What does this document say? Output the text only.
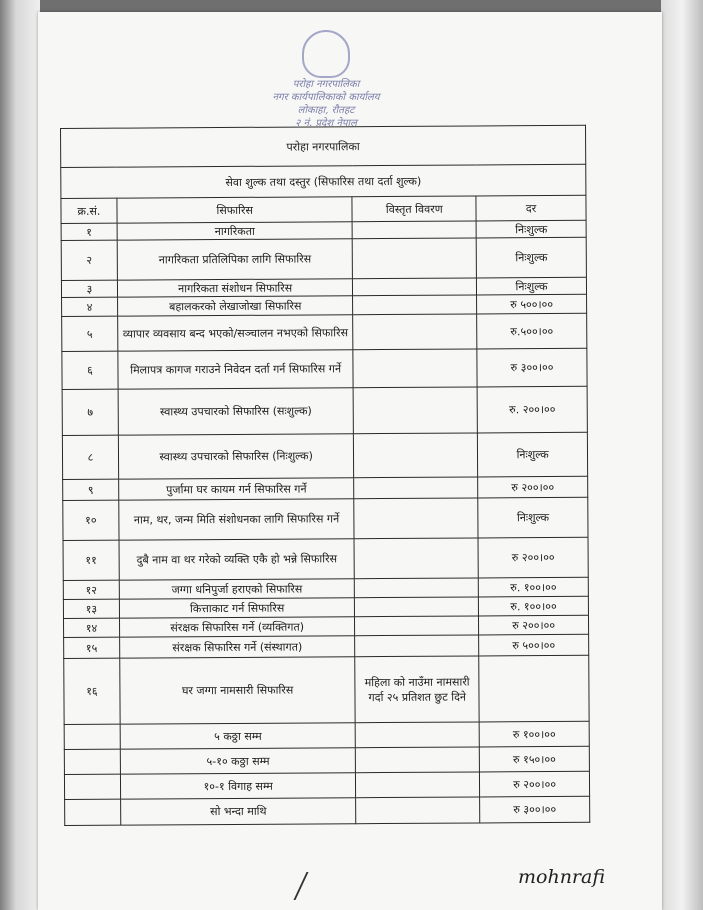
परोहा नगरपालिका
नगर कार्यपालिकाको कार्यालय
लोकाहा, रौतहट
२ नं. प्रदेश नेपाल
परोहा नगरपालिका			
सेवा शुल्क तथा दस्तुर (सिफारिस तथा दर्ता शुल्क)			
क्र.सं.	सिफारिस	विस्तृत विवरण	दर
१	नागरिकता		निःशुल्क
२	नागरिकता प्रतिलिपिका लागि सिफारिस		निःशुल्क
३	नागरिकता संशोधन सिफारिस		निःशुल्क
४	बहालकरको लेखाजोखा सिफारिस		रु ५००।००
५	व्यापार व्यवसाय बन्द भएको/सञ्चालन नभएको सिफारिस		रु.५००।००
६	मिलापत्र कागज गराउने निवेदन दर्ता गर्न सिफारिस गर्ने		रु ३००।००
७	स्वास्थ्य उपचारको सिफारिस (सःशुल्क)		रु. २००।००
८	स्वास्थ्य उपचारको सिफारिस (निःशुल्क)		निःशुल्क
९	पुर्जामा घर कायम गर्न सिफारिस गर्ने		रु २००।००
१०	नाम, थर, जन्म मिति संशोधनका लागि सिफारिस गर्ने		निःशुल्क
११	दुबै नाम वा थर गरेको व्यक्ति एकै हो भन्ने सिफारिस		रु २००।००
१२	जग्गा धनिपुर्जा हराएको सिफारिस		रु. १००।००
१३	कित्ताकाट गर्न सिफारिस		रु. १००।००
१४	संरक्षक सिफारिस गर्ने (व्यक्तिगत)		रु २००।००
१५	संरक्षक सिफारिस गर्ने (संस्थागत)		रु ५००।००
१६	घर जग्गा नामसारी सिफारिस	महिला को नाउँमा नामसारी गर्दा २५ प्रतिशत छुट दिने	
	५ कठ्ठा सम्म		रु १००।००
	५-१० कठ्ठा सम्म		रु १५०।००
	१०-१ विगाह सम्म		रु २००।००
	सो भन्दा माथि		रु ३००।००
mohnrafi
